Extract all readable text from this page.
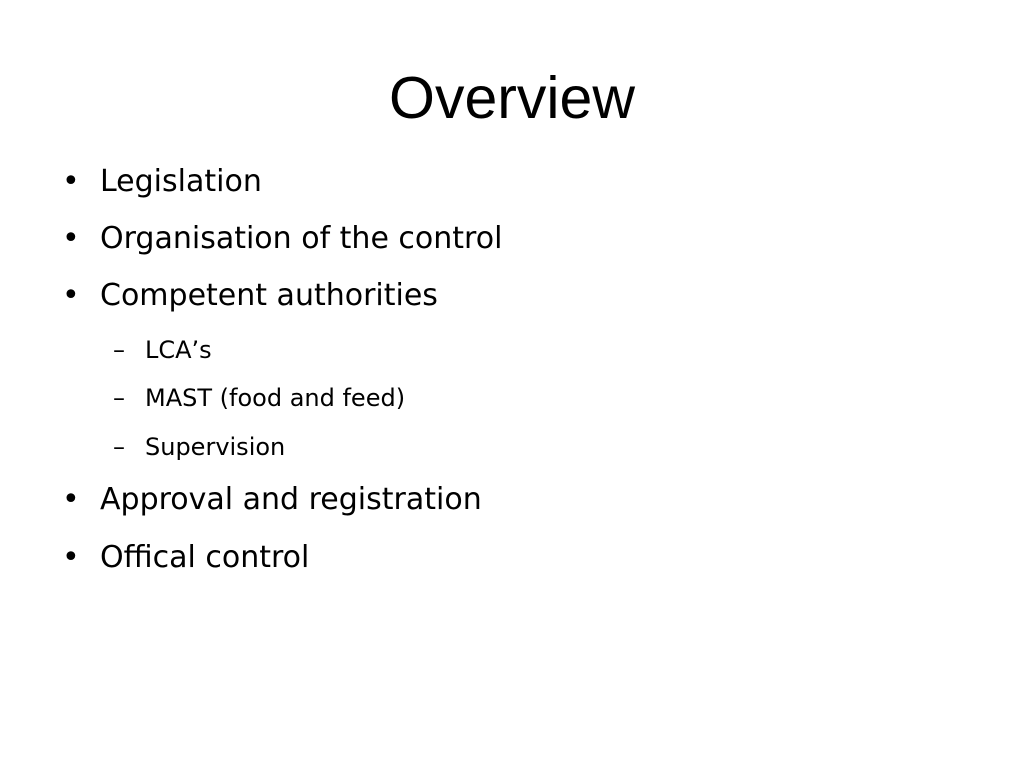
Overview
• Legislation
• Organisation of the control
• Competent authorities
– LCA’s
– MAST (food and feed)
– Supervision
• Approval and registration
• Offical control
